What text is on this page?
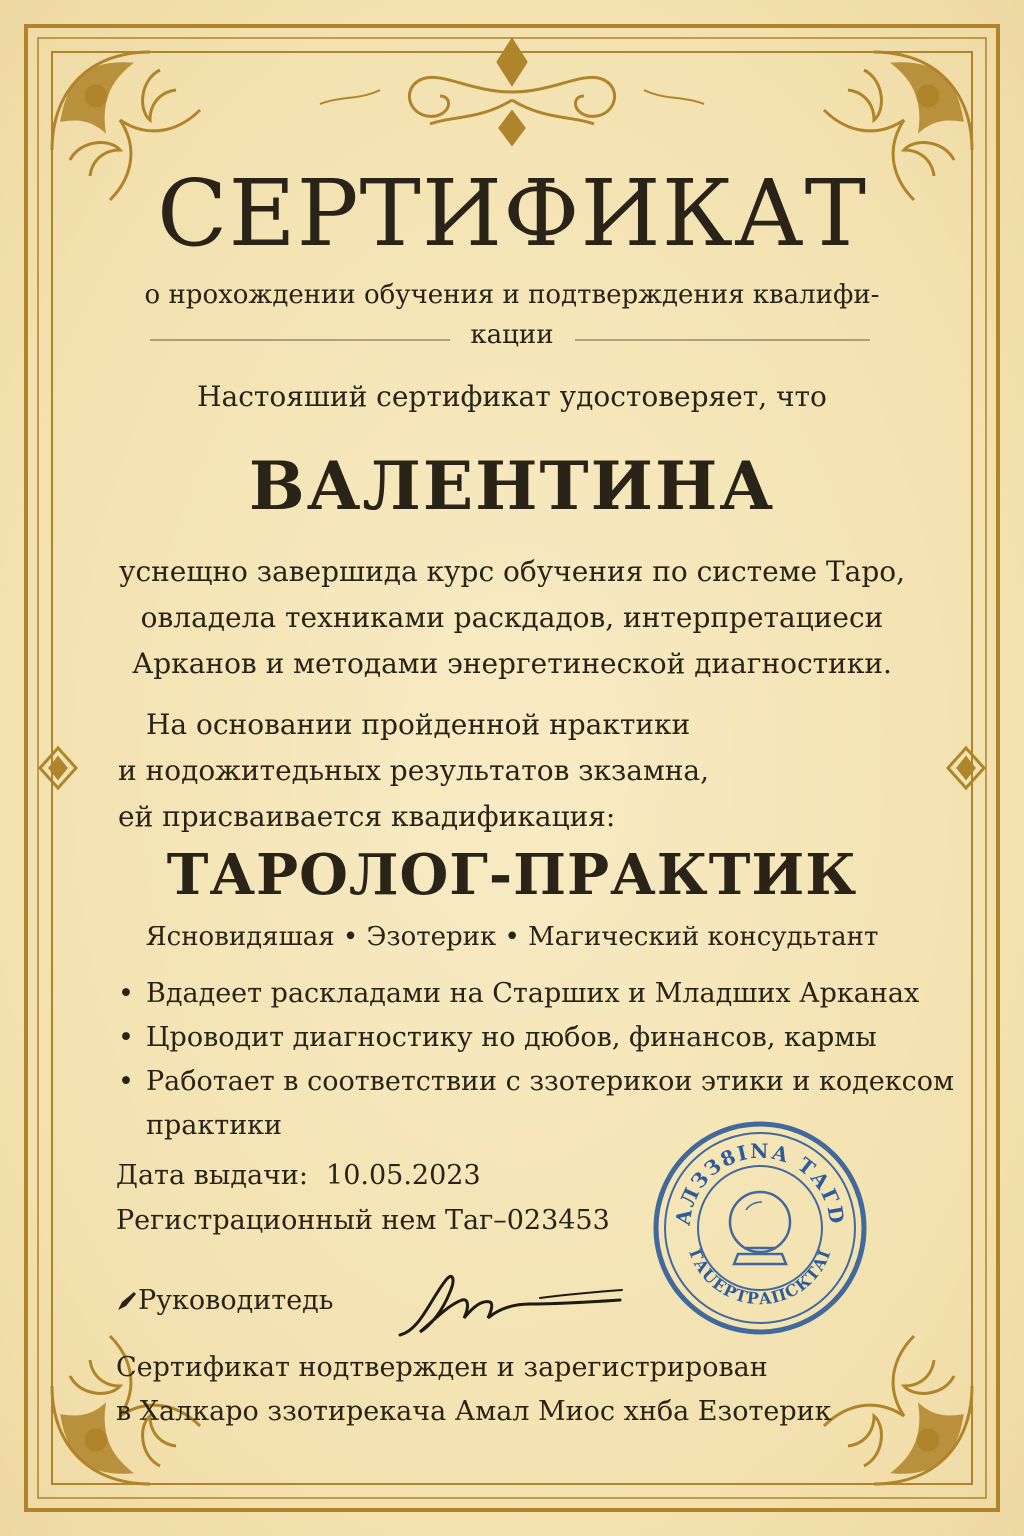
СЕРТИФИКАТ
о нрохождении обучения и подтверждения квалифи-
кации
Настояший сертификат удостоверяет, что
ВАЛЕНТИНА
уснещно завершида курс обучения по системе Таро,
овладела техниками раскдадов, интерпретациеси
Арканов и методами энергетинеской диагностики.
На основании пройденной нрактики
и нодожитедьных результатов зкзамна,
ей присваивается квадификация:
ТАРОЛОГ-ПРАКТИК
Ясновидяшая • Эзотерик • Магический консудьтант
• Вдадеет раскладами на Старших и Младших Арканах
• Цроводит диагностику но дюбов, финансов, кармы
• Работает в соответствии с ззотерикои этики и кодексом практики
Дата выдачи: 10.05.2023
Регистрационный нем Таг–023453
Руководитедь
АЛЗЗ8ІNА ТАГD
ГАUЕРТРАПСКТАІ
Сертификат нодтвержден и зарегистрирован
в Халкаро ззотирекача Амал Миос хнба Езотерик
